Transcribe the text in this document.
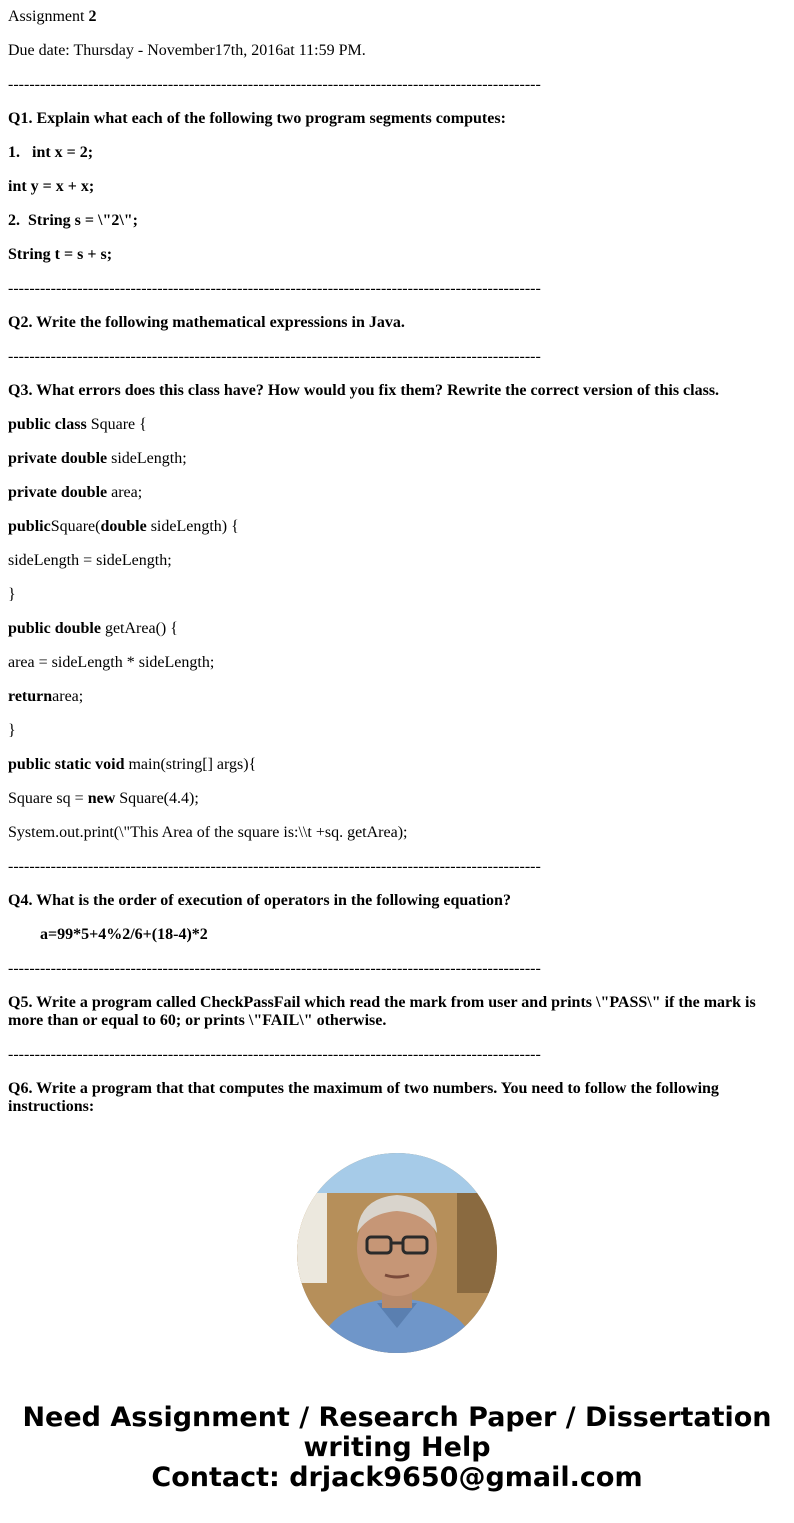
Assignment 2
Due date: Thursday - November17th, 2016at 11:59 PM.
----------------------------------------------------------------------------------------------------
Q1. Explain what each of the following two program segments computes:
1.   int x = 2;
int y = x + x;
2.  String s = \"2\";
String t = s + s;
----------------------------------------------------------------------------------------------------
Q2. Write the following mathematical expressions in Java.
----------------------------------------------------------------------------------------------------
Q3. What errors does this class have? How would you fix them? Rewrite the correct version of this class.
public class Square {
private double sideLength;
private double area;
publicSquare(double sideLength) {
sideLength = sideLength;
}
public double getArea() {
area = sideLength * sideLength;
returnarea;
}
public static void main(string[] args){
Square sq = new Square(4.4);
System.out.print(\"This Area of the square is:\\t +sq. getArea);
----------------------------------------------------------------------------------------------------
Q4. What is the order of execution of operators in the following equation?
a=99*5+4%2/6+(18-4)*2
----------------------------------------------------------------------------------------------------
Q5. Write a program called CheckPassFail which read the mark from user and prints \"PASS\" if the mark is more than or equal to 60; or prints \"FAIL\" otherwise.
----------------------------------------------------------------------------------------------------
Q6. Write a program that that computes the maximum of two numbers. You need to follow the following instructions:
Need Assignment / Research Paper / Dissertation
writing Help
Contact: drjack9650@gmail.com
